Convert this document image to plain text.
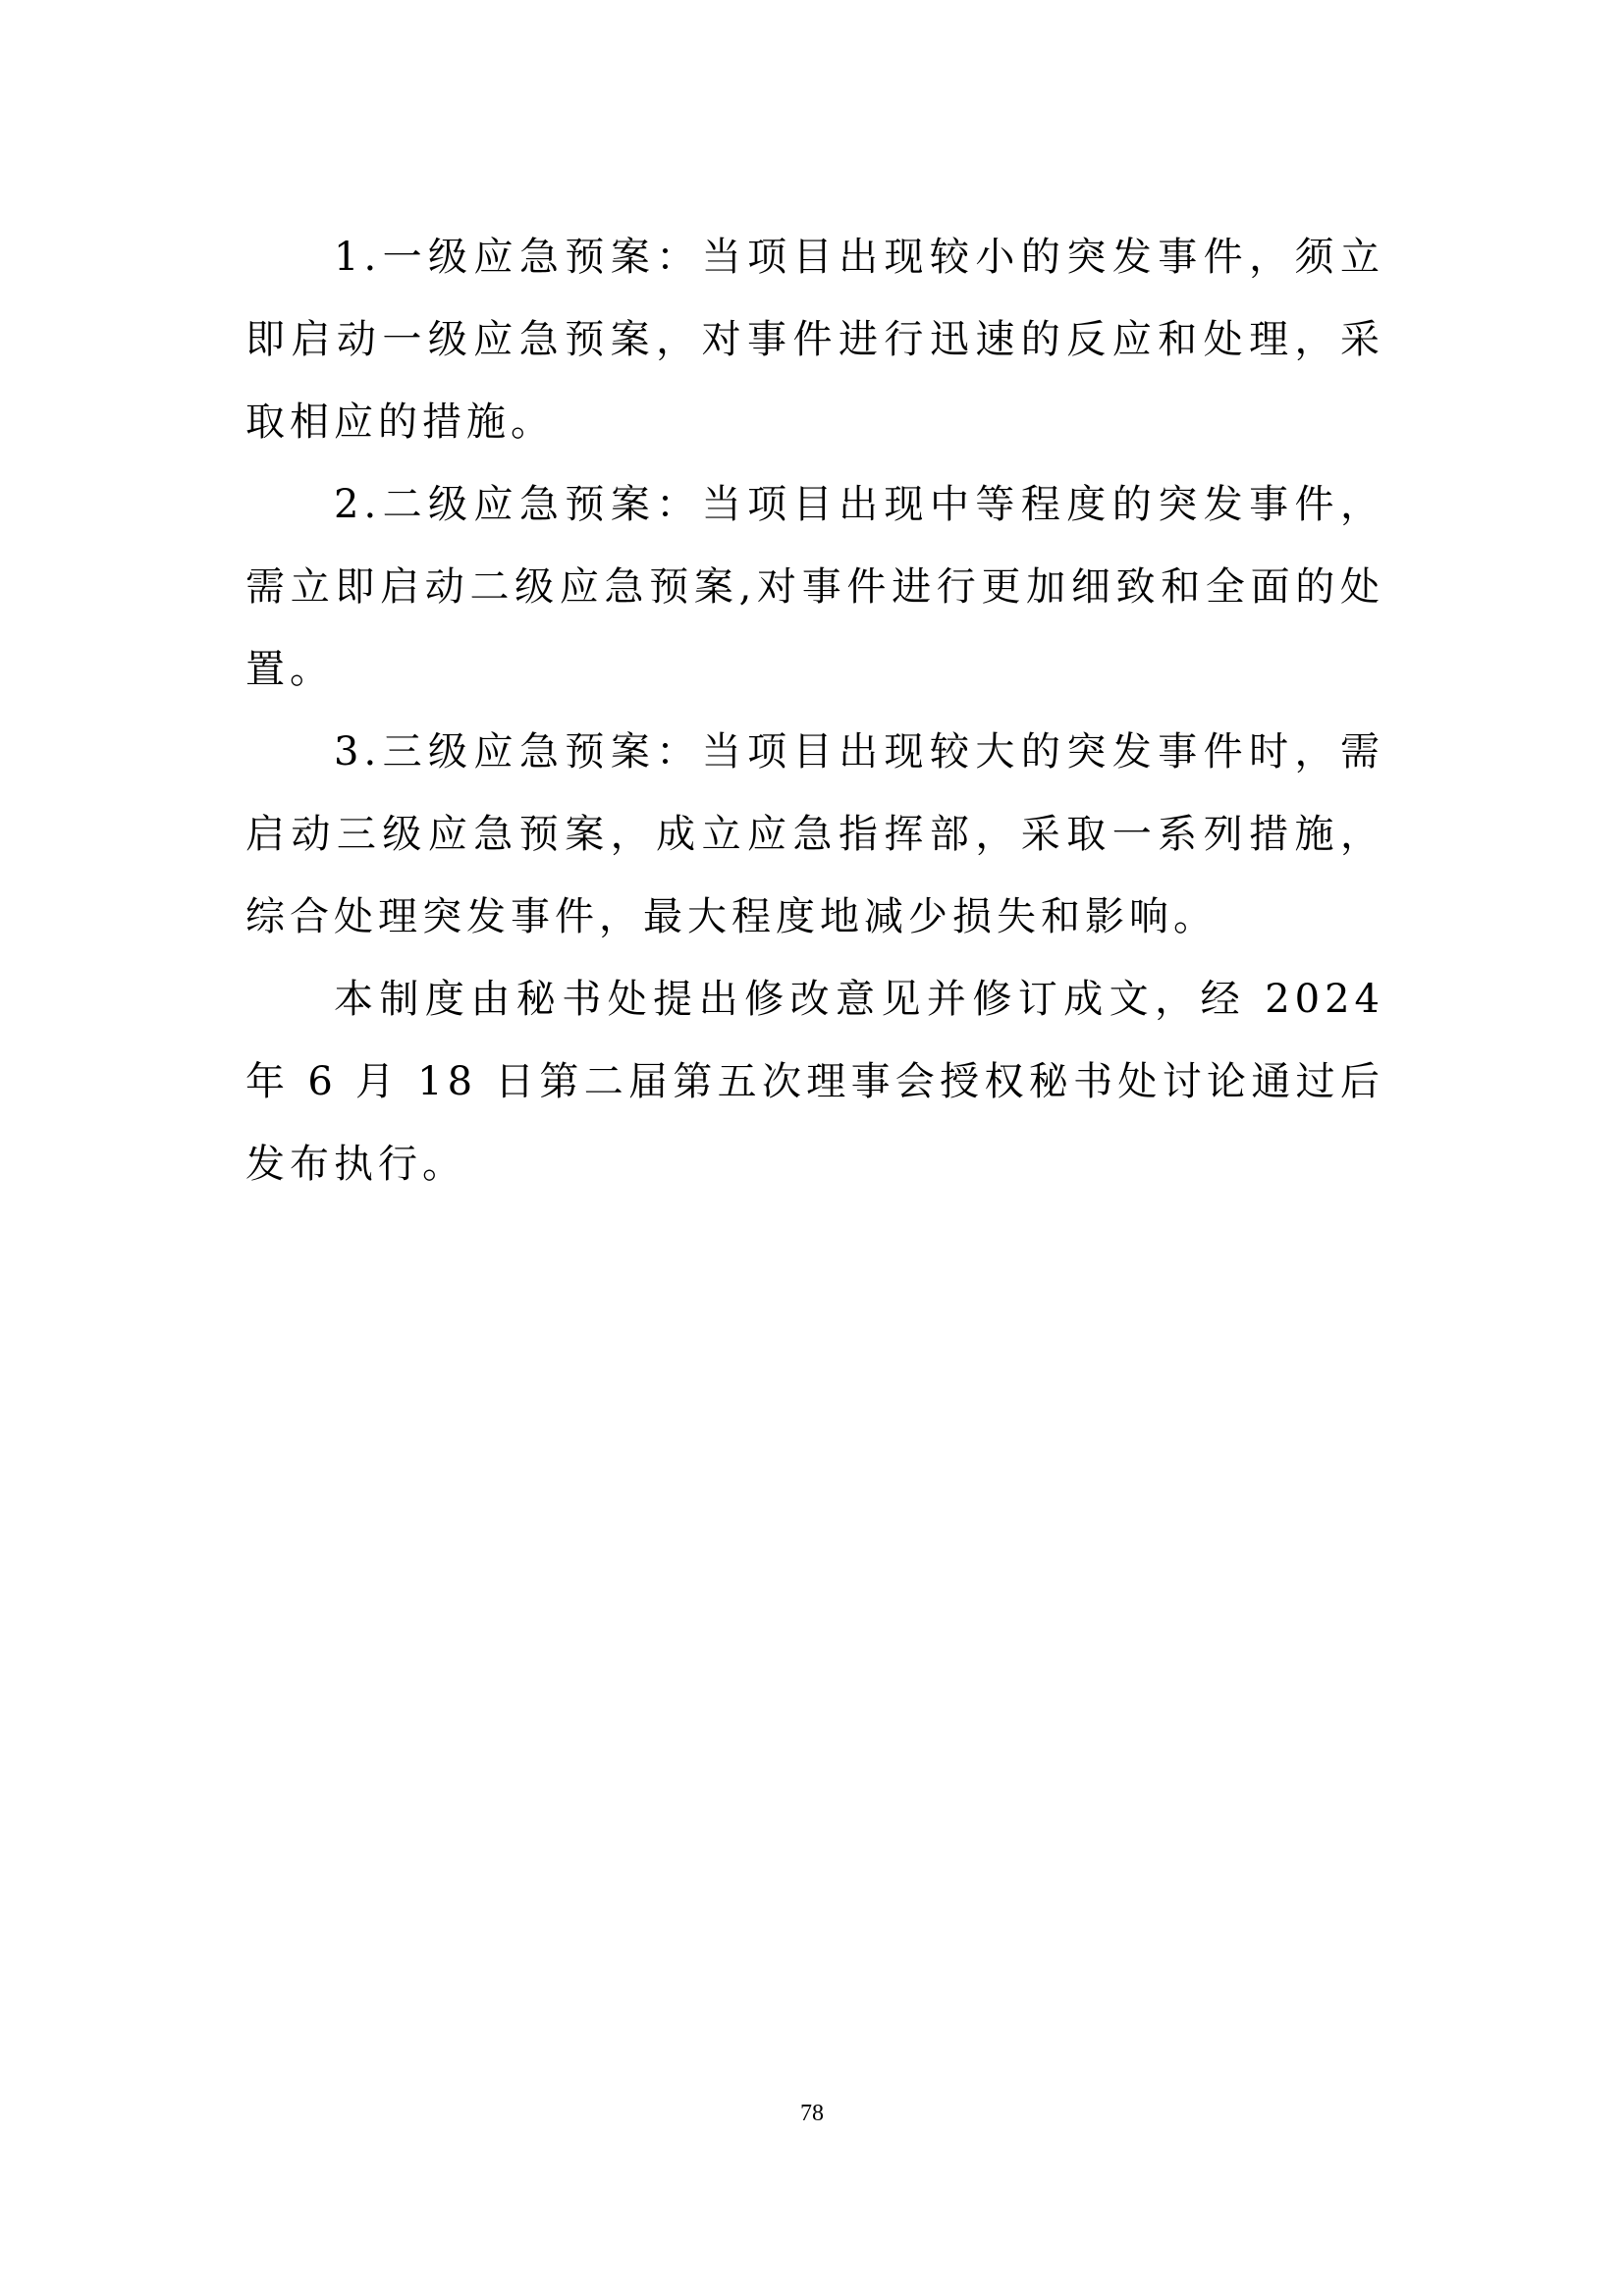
1.一级应急预案：当项目出现较小的突发事件，须立即启动一级应急预案，对事件进行迅速的反应和处理，采取相应的措施。

2.二级应急预案：当项目出现中等程度的突发事件，需立即启动二级应急预案,对事件进行更加细致和全面的处置。

3.三级应急预案：当项目出现较大的突发事件时，需启动三级应急预案，成立应急指挥部，采取一系列措施，综合处理突发事件，最大程度地减少损失和影响。

本制度由秘书处提出修改意见并修订成文，经 2024 年 6 月 18 日第二届第五次理事会授权秘书处讨论通过后发布执行。

78
